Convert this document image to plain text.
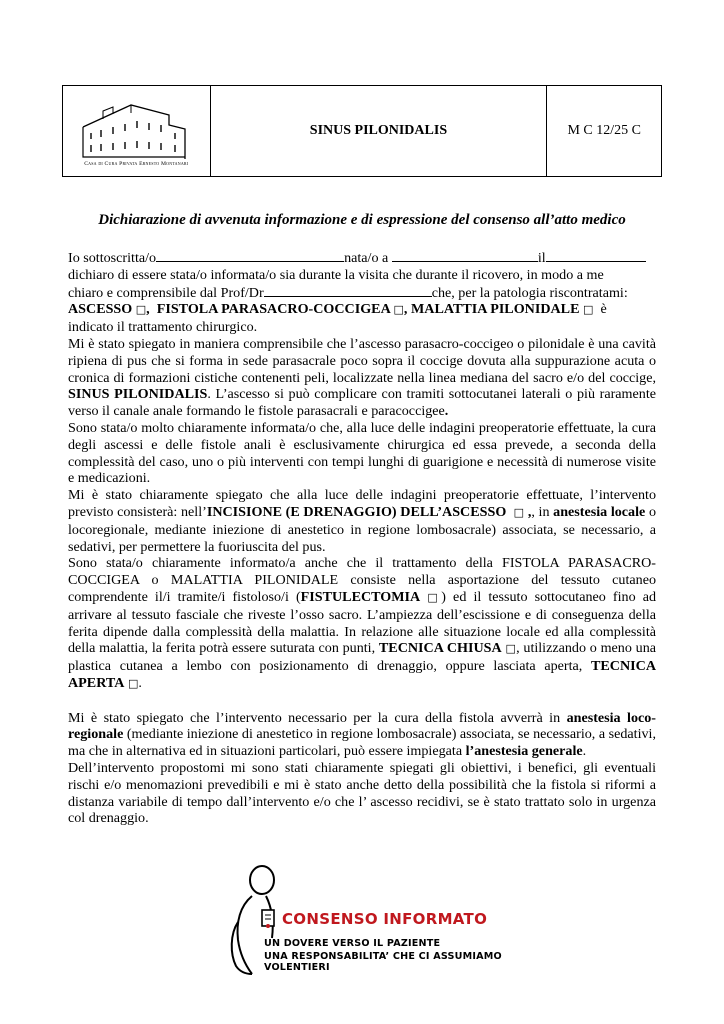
Casa di Cura Privata Ernesto Montanari
SINUS PILONIDALIS	M C 12/25 C
Dichiarazione di avvenuta informazione e di espressione del consenso all’atto medico

Io sottoscritta/o	nata/o a	il

dichiaro di essere stata/o informata/o sia durante la visita che durante il ricovero, in modo a me

chiaro e comprensibile dal Prof/Dr	che, per la patologia riscontratami:

ASCESSO □, FISTOLA PARASACRO-COCCIGEA □, MALATTIA PILONIDALE □ è

indicato il trattamento chirurgico.

Mi è stato spiegato in maniera comprensibile che l’ascesso parasacro-coccigeo o pilonidale è una cavità ripiena di pus che si forma in sede parasacrale poco sopra il coccige dovuta alla suppurazione acuta o cronica di formazioni cistiche contenenti peli, localizzate nella linea mediana del sacro e/o del coccige, SINUS PILONIDALIS. L’ascesso si può complicare con tramiti sottocutanei laterali o più raramente verso il canale anale formando le fistole parasacrali e paracoccigee.

Sono stata/o molto chiaramente informata/o che, alla luce delle indagini preoperatorie effettuate, la cura degli ascessi e delle fistole anali è esclusivamente chirurgica ed essa prevede, a seconda della complessità del caso, uno o più interventi con tempi lunghi di guarigione e necessità di numerose visite e medicazioni.

Mi è stato chiaramente spiegato che alla luce delle indagini preoperatorie effettuate, l’intervento previsto consisterà: nell’INCISIONE (E DRENAGGIO) DELL’ASCESSO □ ,, in anestesia locale o locoregionale, mediante iniezione di anestetico in regione lombosacrale) associata, se necessario, a sedativi, per permettere la fuoriuscita del pus.

Sono stata/o chiaramente informato/a anche che il trattamento della FISTOLA PARASACRO-COCCIGEA o MALATTIA PILONIDALE consiste nella asportazione del tessuto cutaneo comprendente il/i tramite/i fistoloso/i (FISTULECTOMIA □) ed il tessuto sottocutaneo fino ad arrivare al tessuto fasciale che riveste l’osso sacro. L’ampiezza dell’escissione e di conseguenza della ferita dipende dalla complessità della malattia. In relazione alle situazione locale ed alla complessità della malattia, la ferita potrà essere suturata con punti, TECNICA CHIUSA □, utilizzando o meno una plastica cutanea a lembo con posizionamento di drenaggio, oppure lasciata aperta, TECNICA APERTA □.

Mi è stato spiegato che l’intervento necessario per la cura della fistola avverrà in anestesia loco-regionale (mediante iniezione di anestetico in regione lombosacrale) associata, se necessario, a sedativi, ma che in alternativa ed in situazioni particolari, può essere impiegata l’anestesia generale.

Dell’intervento propostomi mi sono stati chiaramente spiegati gli obiettivi, i benefici, gli eventuali rischi e/o menomazioni prevedibili e mi è stato anche detto della possibilità che la fistola si riformi a distanza variabile di tempo dall’intervento e/o che l’ ascesso recidivi, se è stato trattato solo in urgenza col drenaggio.

CONSENSO INFORMATO
UN DOVERE VERSO IL PAZIENTE
UNA RESPONSABILITA’ CHE CI ASSUMIAMO VOLENTIERI
